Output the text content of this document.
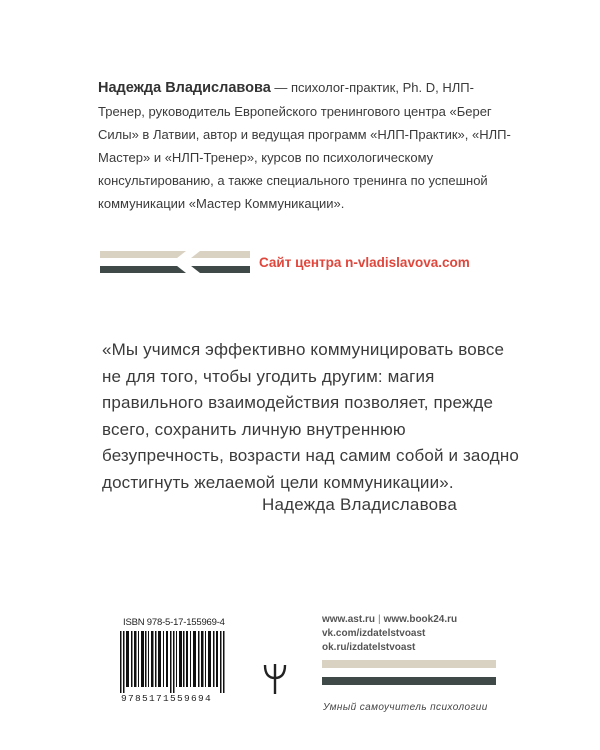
Надежда Владиславова — психолог-практик, Ph. D, НЛП-Тренер, руководитель Европейского тренингового центра «Берег Силы» в Латвии, автор и ведущая программ «НЛП-Практик», «НЛП-Мастер» и «НЛП-Тренер», курсов по психологическому консультированию, а также специального тренинга по успешной коммуникации «Мастер Коммуникации».
Сайт центра n-vladislavova.com
«Мы учимся эффективно коммуницировать вовсе не для того, чтобы угодить другим: магия правильного взаимодействия позволяет, прежде всего, сохранить личную внутреннюю безупречность, возрасти над самим собой и заодно достигнуть желаемой цели коммуникации».
Надежда Владиславова
ISBN 978-5-17-155969-4
9785171559694
www.ast.ru | www.book24.ru
vk.com/izdatelstvoast
ok.ru/izdatelstvoast
Умный самоучитель психологии
